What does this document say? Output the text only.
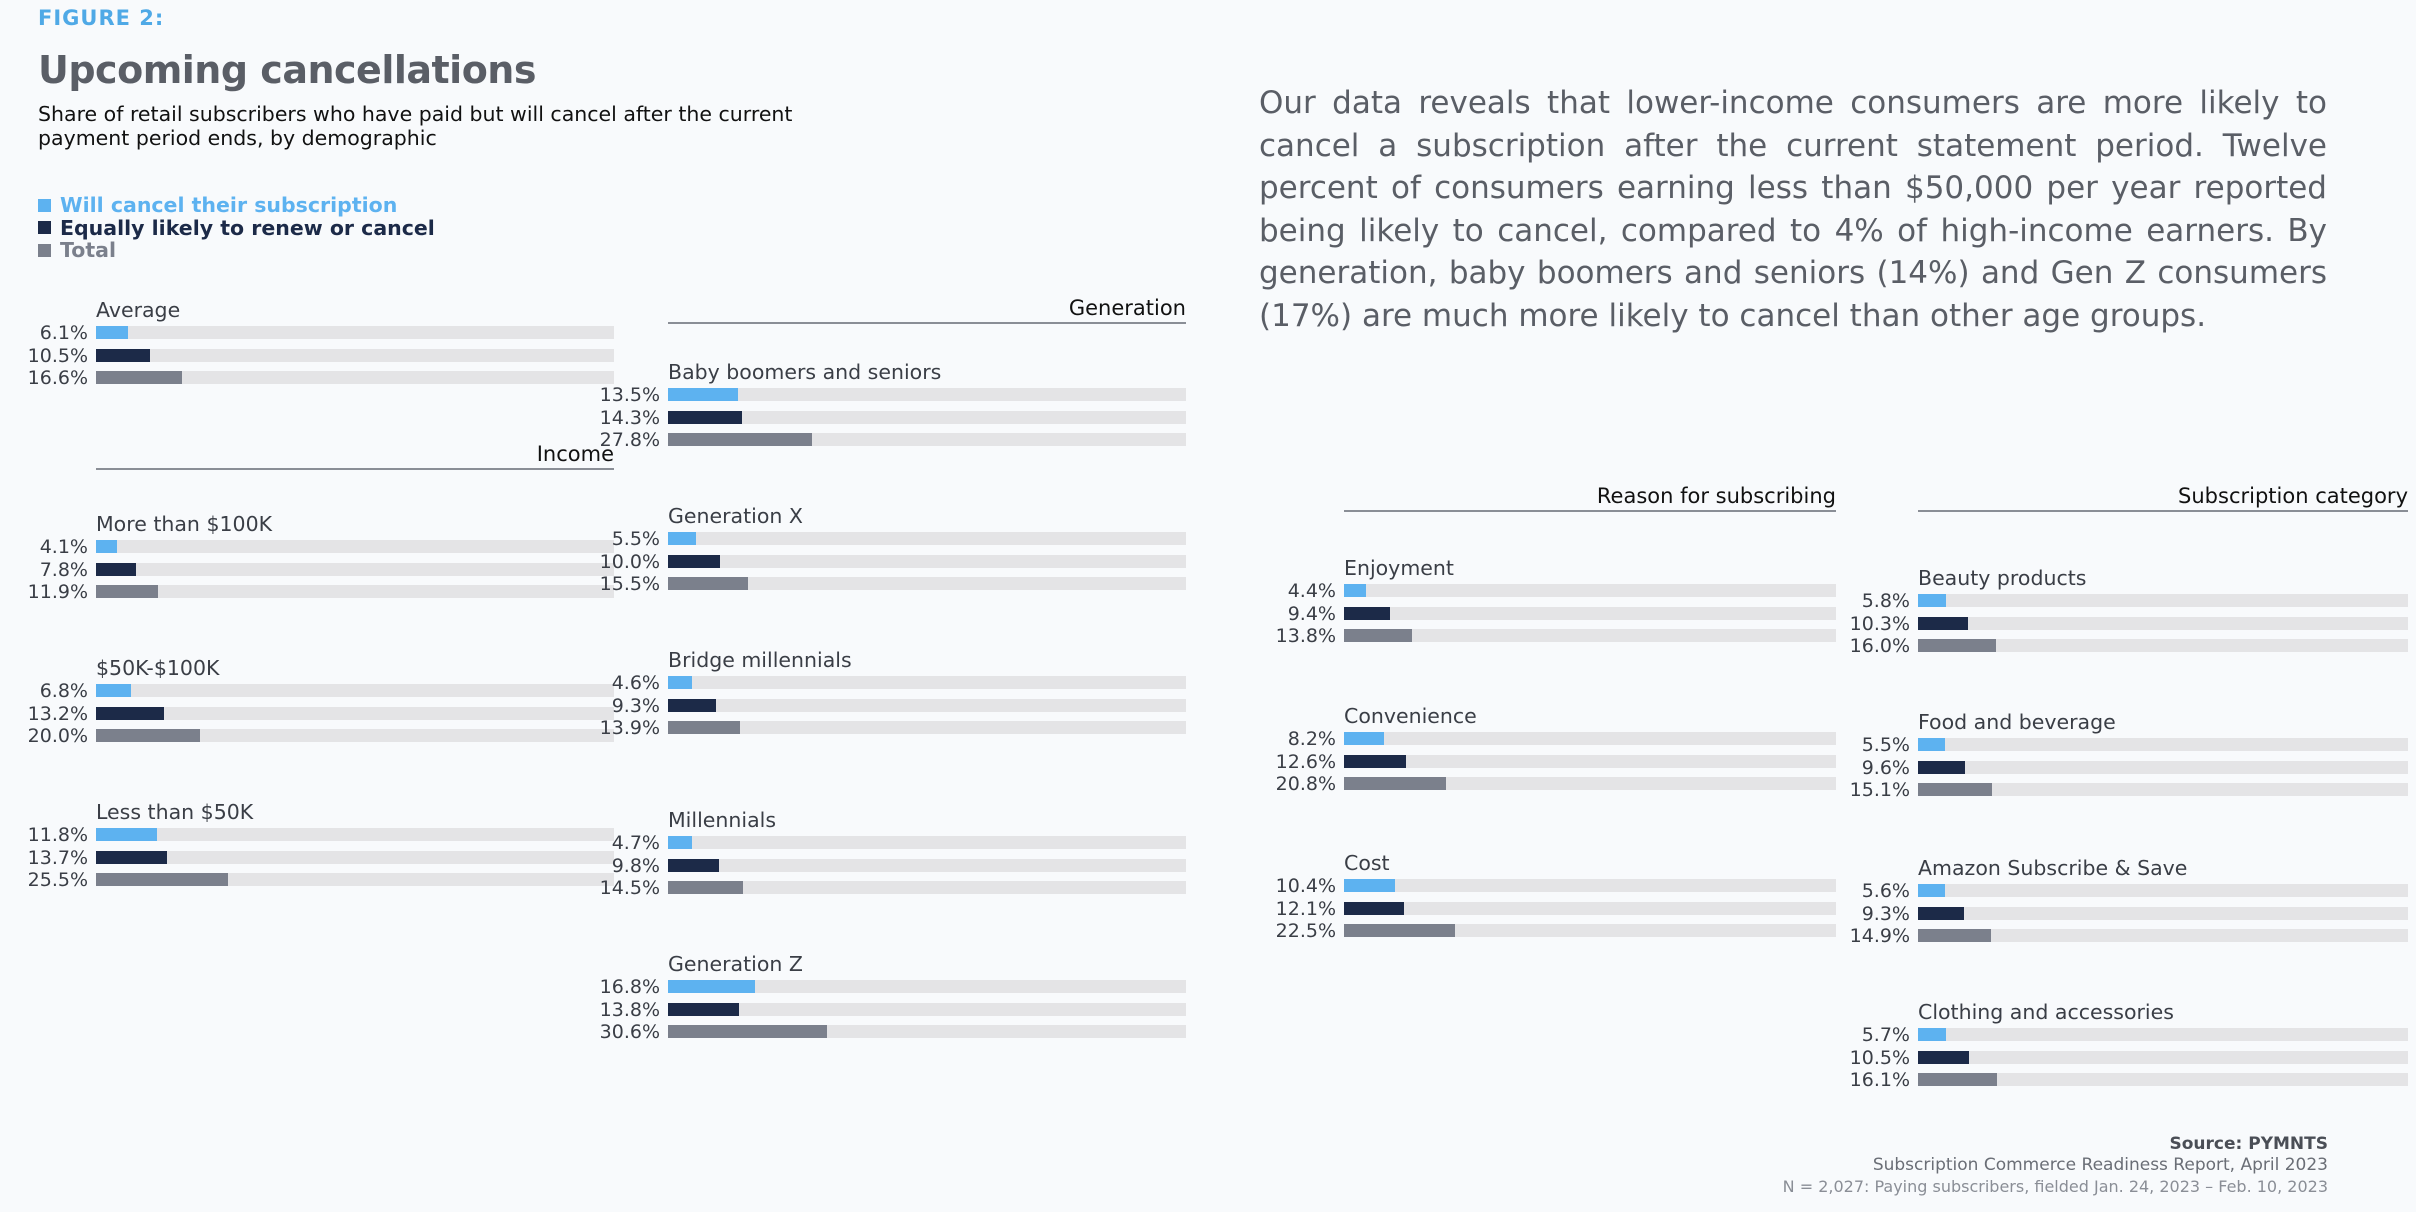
FIGURE 2:
Upcoming cancellations
Share of retail subscribers who have paid but will cancel after the current payment period ends, by demographic
Will cancel their subscription
Equally likely to renew or cancel
Total
Our data reveals that lower-income consumers are more likely to cancel a subscription after the current statement period. Twelve percent of consumers earning less than $50,000 per year reported being likely to cancel, compared to 4% of high-income earners. By generation, baby boomers and seniors (14%) and Gen Z consumers (17%) are much more likely to cancel than other age groups.
Average
6.1%
10.5%
16.6%
Income
More than $100K
4.1%
7.8%
11.9%
$50K-$100K
6.8%
13.2%
20.0%
Less than $50K
11.8%
13.7%
25.5%
Generation
Baby boomers and seniors
13.5%
14.3%
27.8%
Generation X
5.5%
10.0%
15.5%
Bridge millennials
4.6%
9.3%
13.9%
Millennials
4.7%
9.8%
14.5%
Generation Z
16.8%
13.8%
30.6%
Reason for subscribing
Enjoyment
4.4%
9.4%
13.8%
Convenience
8.2%
12.6%
20.8%
Cost
10.4%
12.1%
22.5%
Subscription category
Beauty products
5.8%
10.3%
16.0%
Food and beverage
5.5%
9.6%
15.1%
Amazon Subscribe & Save
5.6%
9.3%
14.9%
Clothing and accessories
5.7%
10.5%
16.1%
Source: PYMNTS
Subscription Commerce Readiness Report, April 2023
N = 2,027: Paying subscribers, fielded Jan. 24, 2023 – Feb. 10, 2023
